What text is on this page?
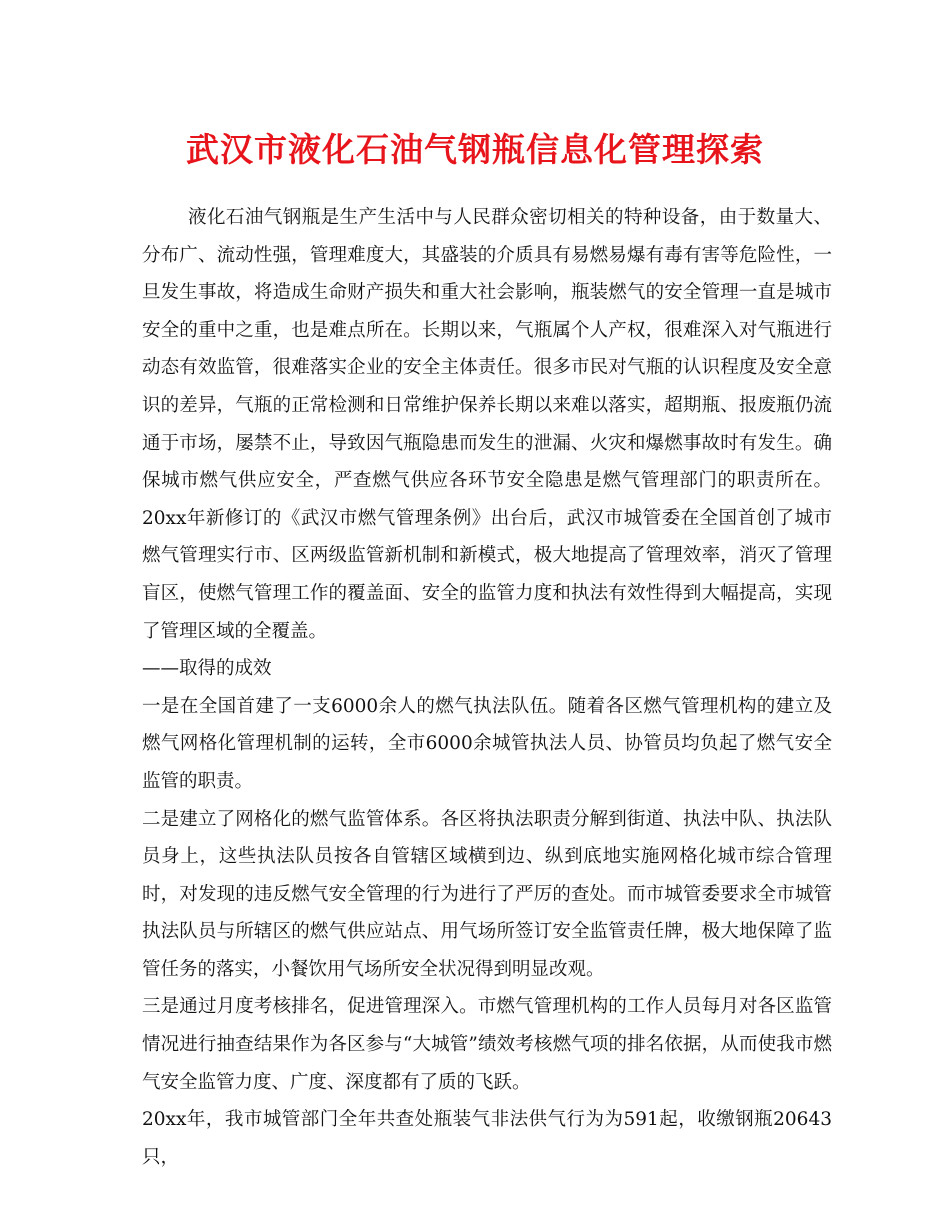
武汉市液化石油气钢瓶信息化管理探索

液化石油气钢瓶是生产生活中与人民群众密切相关的特种设备，由于数量大、分布广、流动性强，管理难度大，其盛装的介质具有易燃易爆有毒有害等危险性，一旦发生事故，将造成生命财产损失和重大社会影响，瓶装燃气的安全管理一直是城市安全的重中之重，也是难点所在。长期以来，气瓶属个人产权，很难深入对气瓶进行动态有效监管，很难落实企业的安全主体责任。很多市民对气瓶的认识程度及安全意识的差异，气瓶的正常检测和日常维护保养长期以来难以落实，超期瓶、报废瓶仍流通于市场，屡禁不止，导致因气瓶隐患而发生的泄漏、火灾和爆燃事故时有发生。确保城市燃气供应安全，严查燃气供应各环节安全隐患是燃气管理部门的职责所在。20xx年新修订的《武汉市燃气管理条例》出台后，武汉市城管委在全国首创了城市燃气管理实行市、区两级监管新机制和新模式，极大地提高了管理效率，消灭了管理盲区，使燃气管理工作的覆盖面、安全的监管力度和执法有效性得到大幅提高，实现了管理区域的全覆盖。

——取得的成效

一是在全国首建了一支6000余人的燃气执法队伍。随着各区燃气管理机构的建立及燃气网格化管理机制的运转，全市6000余城管执法人员、协管员均负起了燃气安全监管的职责。

二是建立了网格化的燃气监管体系。各区将执法职责分解到街道、执法中队、执法队员身上，这些执法队员按各自管辖区域横到边、纵到底地实施网格化城市综合管理时，对发现的违反燃气安全管理的行为进行了严厉的查处。而市城管委要求全市城管执法队员与所辖区的燃气供应站点、用气场所签订安全监管责任牌，极大地保障了监管任务的落实，小餐饮用气场所安全状况得到明显改观。

三是通过月度考核排名，促进管理深入。市燃气管理机构的工作人员每月对各区监管情况进行抽查结果作为各区参与“大城管”绩效考核燃气项的排名依据，从而使我市燃气安全监管力度、广度、深度都有了质的飞跃。

20xx年，我市城管部门全年共查处瓶装气非法供气行为为591起，收缴钢瓶20643只，
